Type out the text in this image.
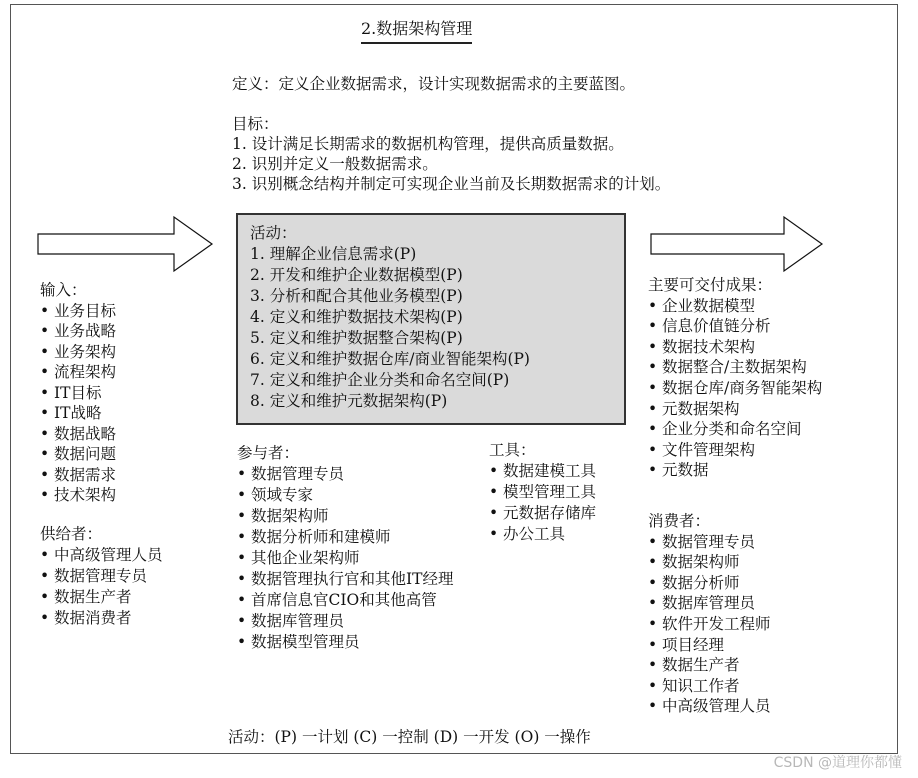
2.数据架构管理
定义：定义企业数据需求，设计实现数据需求的主要蓝图。
目标：
1. 设计满足长期需求的数据机构管理，提供高质量数据。
2. 识别并定义一般数据需求。
3. 识别概念结构并制定可实现企业当前及长期数据需求的计划。
活动：
1. 理解企业信息需求(P)
2. 开发和维护企业数据模型(P)
3. 分析和配合其他业务模型(P)
4. 定义和维护数据技术架构(P)
5. 定义和维护数据整合架构(P)
6. 定义和维护数据仓库/商业智能架构(P)
7. 定义和维护企业分类和命名空间(P)
8. 定义和维护元数据架构(P)
输入：
• 业务目标
• 业务战略
• 业务架构
• 流程架构
• IT目标
• IT战略
• 数据战略
• 数据问题
• 数据需求
• 技术架构
供给者：
• 中高级管理人员
• 数据管理专员
• 数据生产者
• 数据消费者
参与者：
• 数据管理专员
• 领域专家
• 数据架构师
• 数据分析师和建模师
• 其他企业架构师
• 数据管理执行官和其他IT经理
• 首席信息官CIO和其他高管
• 数据库管理员
• 数据模型管理员
工具：
• 数据建模工具
• 模型管理工具
• 元数据存储库
• 办公工具
主要可交付成果：
• 企业数据模型
• 信息价值链分析
• 数据技术架构
• 数据整合/主数据架构
• 数据仓库/商务智能架构
• 元数据架构
• 企业分类和命名空间
• 文件管理架构
• 元数据
消费者：
• 数据管理专员
• 数据架构师
• 数据分析师
• 数据库管理员
• 软件开发工程师
• 项目经理
• 数据生产者
• 知识工作者
• 中高级管理人员
活动：(P) 一计划 (C) 一控制 (D) 一开发 (O) 一操作
CSDN @道理你都懂
